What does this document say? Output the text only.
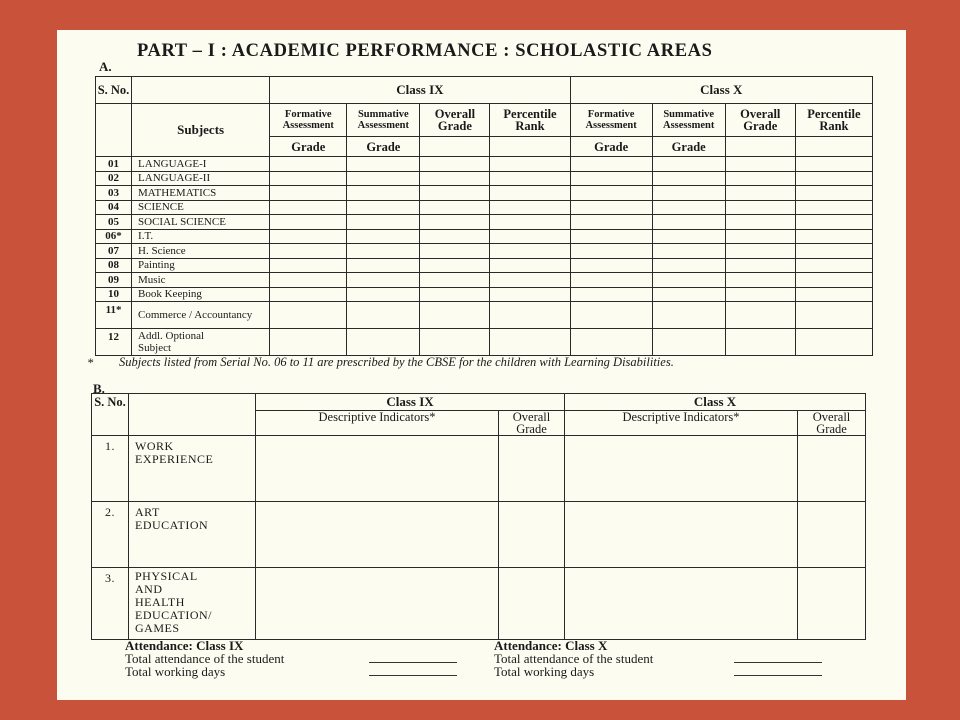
PART – I : ACADEMIC PERFORMANCE : SCHOLASTIC AREAS
A.
S. No.		Class IX				Class X			
	Subjects	Formative Assessment	Summative Assessment	Overall Grade	Percentile Rank	Formative Assessment	Summative Assessment	Overall Grade	Percentile Rank
		Grade	Grade			Grade	Grade		
01	LANGUAGE-I								
02	LANGUAGE-II								
03	MATHEMATICS								
04	SCIENCE								
05	SOCIAL SCIENCE								
06*	I.T.								
07	H. Science								
08	Painting								
09	Music								
10	Book Keeping								
11*	Commerce / Accountancy								
12	Addl. Optional Subject								
* Subjects listed from Serial No. 06 to 11 are prescribed by the CBSE for the children with Learning Disabilities.
B.
S. No.		Class IX		Class X	
		Descriptive Indicators*	Overall Grade	Descriptive Indicators*	Overall Grade
1.	WORK EXPERIENCE				
2.	ART EDUCATION				
3.	PHYSICAL AND HEALTH EDUCATION/ GAMES				
Attendance: Class IX
Total attendance of the student
Total working days
Attendance: Class X
Total attendance of the student
Total working days
